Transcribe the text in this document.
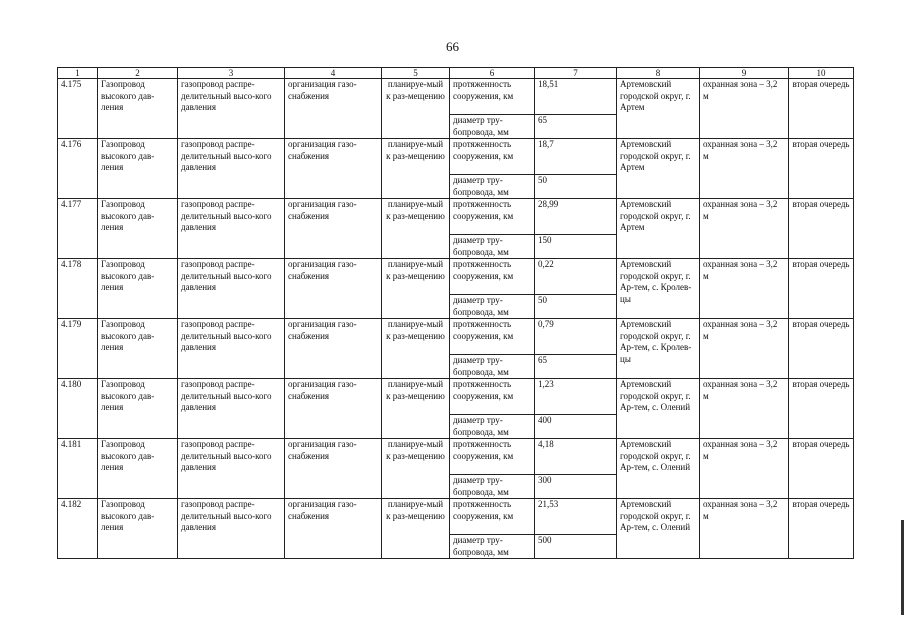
66
1	2	3	4	5	6	7	8	9	10
4.175	Газопровод высокого дав-ления	газопровод распре-делительный высо-кого давления	организация газо-снабжения	планируе-мый к раз-мещению	протяженность сооружения, км	18,51	Артемовский городской округ, г. Артем	охранная зона – 3,2 м	вторая очередь
					диаметр тру-бопровода, мм	65			
4.176	Газопровод высокого дав-ления	газопровод распре-делительный высо-кого давления	организация газо-снабжения	планируе-мый к раз-мещению	протяженность сооружения, км	18,7	Артемовский городской округ, г. Артем	охранная зона – 3,2 м	вторая очередь
					диаметр тру-бопровода, мм	50			
4.177	Газопровод высокого дав-ления	газопровод распре-делительный высо-кого давления	организация газо-снабжения	планируе-мый к раз-мещению	протяженность сооружения, км	28,99	Артемовский городской округ, г. Артем	охранная зона – 3,2 м	вторая очередь
					диаметр тру-бопровода, мм	150			
4.178	Газопровод высокого дав-ления	газопровод распре-делительный высо-кого давления	организация газо-снабжения	планируе-мый к раз-мещению	протяженность сооружения, км	0,22	Артемовский городской округ, г. Ар-тем, с. Кролев-цы	охранная зона – 3,2 м	вторая очередь
					диаметр тру-бопровода, мм	50			
4.179	Газопровод высокого дав-ления	газопровод распре-делительный высо-кого давления	организация газо-снабжения	планируе-мый к раз-мещению	протяженность сооружения, км	0,79	Артемовский городской округ, г. Ар-тем, с. Кролев-цы	охранная зона – 3,2 м	вторая очередь
					диаметр тру-бопровода, мм	65			
4.180	Газопровод высокого дав-ления	газопровод распре-делительный высо-кого давления	организация газо-снабжения	планируе-мый к раз-мещению	протяженность сооружения, км	1,23	Артемовский городской округ, г. Ар-тем, с. Олений	охранная зона – 3,2 м	вторая очередь
					диаметр тру-бопровода, мм	400			
4.181	Газопровод высокого дав-ления	газопровод распре-делительный высо-кого давления	организация газо-снабжения	планируе-мый к раз-мещению	протяженность сооружения, км	4,18	Артемовский городской округ, г. Ар-тем, с. Олений	охранная зона – 3,2 м	вторая очередь
					диаметр тру-бопровода, мм	300			
4.182	Газопровод высокого дав-ления	газопровод распре-делительный высо-кого давления	организация газо-снабжения	планируе-мый к раз-мещению	протяженность сооружения, км	21,53	Артемовский городской округ, г. Ар-тем, с. Олений	охранная зона – 3,2 м	вторая очередь
					диаметр тру-бопровода, мм	500			
